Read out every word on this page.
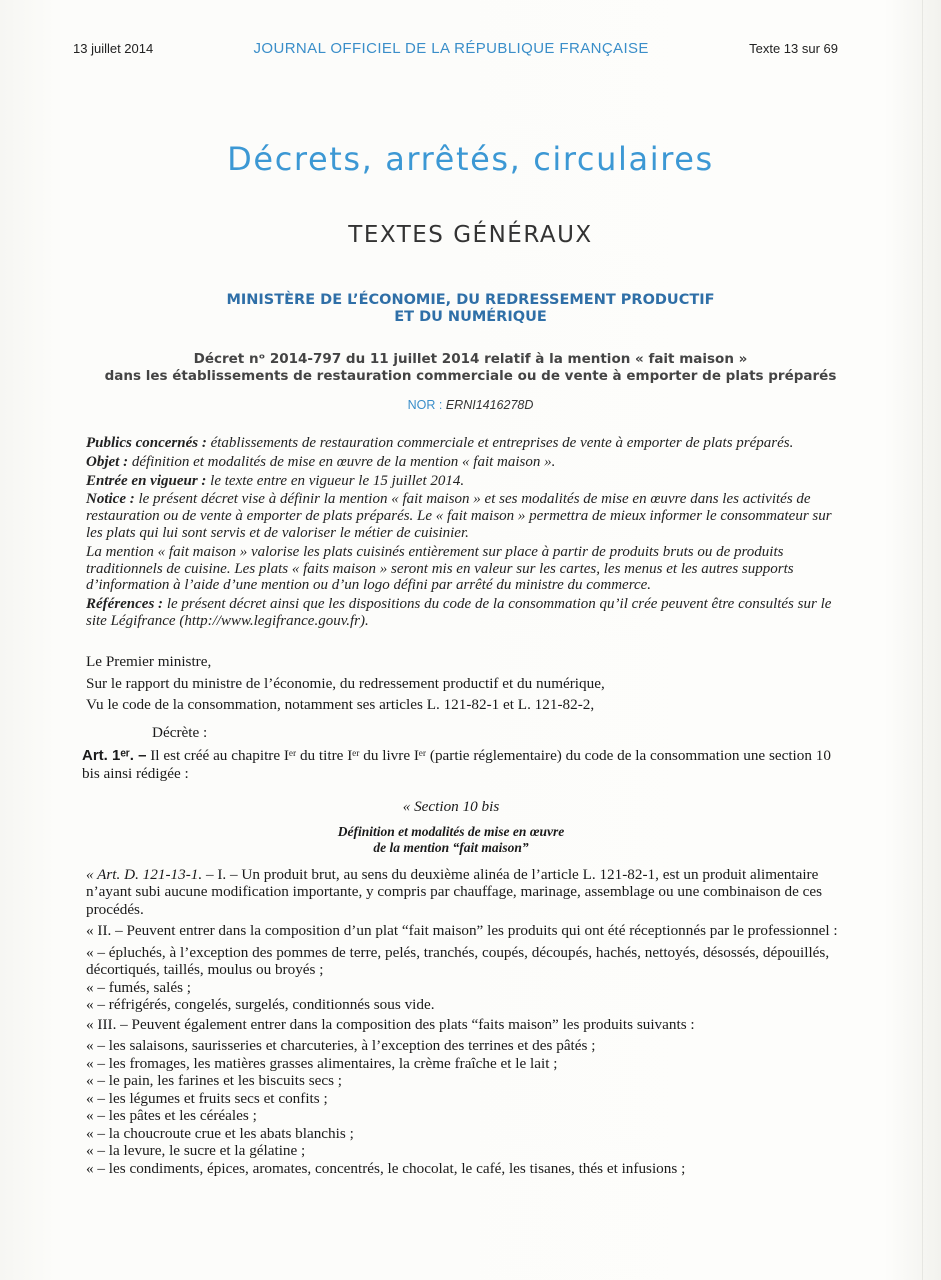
13 juillet 2014	JOURNAL OFFICIEL DE LA RÉPUBLIQUE FRANÇAISE	Texte 13 sur 69
Décrets, arrêtés, circulaires
TEXTES GÉNÉRAUX
MINISTÈRE DE L’ÉCONOMIE, DU REDRESSEMENT PRODUCTIF
ET DU NUMÉRIQUE
Décret nᵒ 2014-797 du 11 juillet 2014 relatif à la mention « fait maison »
dans les établissements de restauration commerciale ou de vente à emporter de plats préparés
NOR : ERNI1416278D

Publics concernés : établissements de restauration commerciale et entreprises de vente à emporter de plats préparés.

Objet : définition et modalités de mise en œuvre de la mention « fait maison ».

Entrée en vigueur : le texte entre en vigueur le 15 juillet 2014.

Notice : le présent décret vise à définir la mention « fait maison » et ses modalités de mise en œuvre dans les activités de restauration ou de vente à emporter de plats préparés. Le « fait maison » permettra de mieux informer le consommateur sur les plats qui lui sont servis et de valoriser le métier de cuisinier.

La mention « fait maison » valorise les plats cuisinés entièrement sur place à partir de produits bruts ou de produits traditionnels de cuisine. Les plats « faits maison » seront mis en valeur sur les cartes, les menus et les autres supports d’information à l’aide d’une mention ou d’un logo défini par arrêté du ministre du commerce.

Références : le présent décret ainsi que les dispositions du code de la consommation qu’il crée peuvent être consultés sur le site Légifrance (http://www.legifrance.gouv.fr).

Le Premier ministre,

Sur le rapport du ministre de l’économie, du redressement productif et du numérique,

Vu le code de la consommation, notamment ses articles L. 121-82-1 et L. 121-82-2,

Décrète :

Art. 1ᵉʳ. – Il est créé au chapitre Iᵉʳ du titre Iᵉʳ du livre Iᵉʳ (partie réglementaire) du code de la consommation une section 10 bis ainsi rédigée :

« Section 10 bis

Définition et modalités de mise en œuvre
de la mention “fait maison”

« Art. D. 121-13-1. – I. – Un produit brut, au sens du deuxième alinéa de l’article L. 121-82-1, est un produit alimentaire n’ayant subi aucune modification importante, y compris par chauffage, marinage, assemblage ou une combinaison de ces procédés.

« II. – Peuvent entrer dans la composition d’un plat “fait maison” les produits qui ont été réceptionnés par le professionnel :

« – épluchés, à l’exception des pommes de terre, pelés, tranchés, coupés, découpés, hachés, nettoyés, désossés, dépouillés, décortiqués, taillés, moulus ou broyés ;
« – fumés, salés ;
« – réfrigérés, congelés, surgelés, conditionnés sous vide.

« III. – Peuvent également entrer dans la composition des plats “faits maison” les produits suivants :

« – les salaisons, saurisseries et charcuteries, à l’exception des terrines et des pâtés ;
« – les fromages, les matières grasses alimentaires, la crème fraîche et le lait ;
« – le pain, les farines et les biscuits secs ;
« – les légumes et fruits secs et confits ;
« – les pâtes et les céréales ;
« – la choucroute crue et les abats blanchis ;
« – la levure, le sucre et la gélatine ;
« – les condiments, épices, aromates, concentrés, le chocolat, le café, les tisanes, thés et infusions ;
